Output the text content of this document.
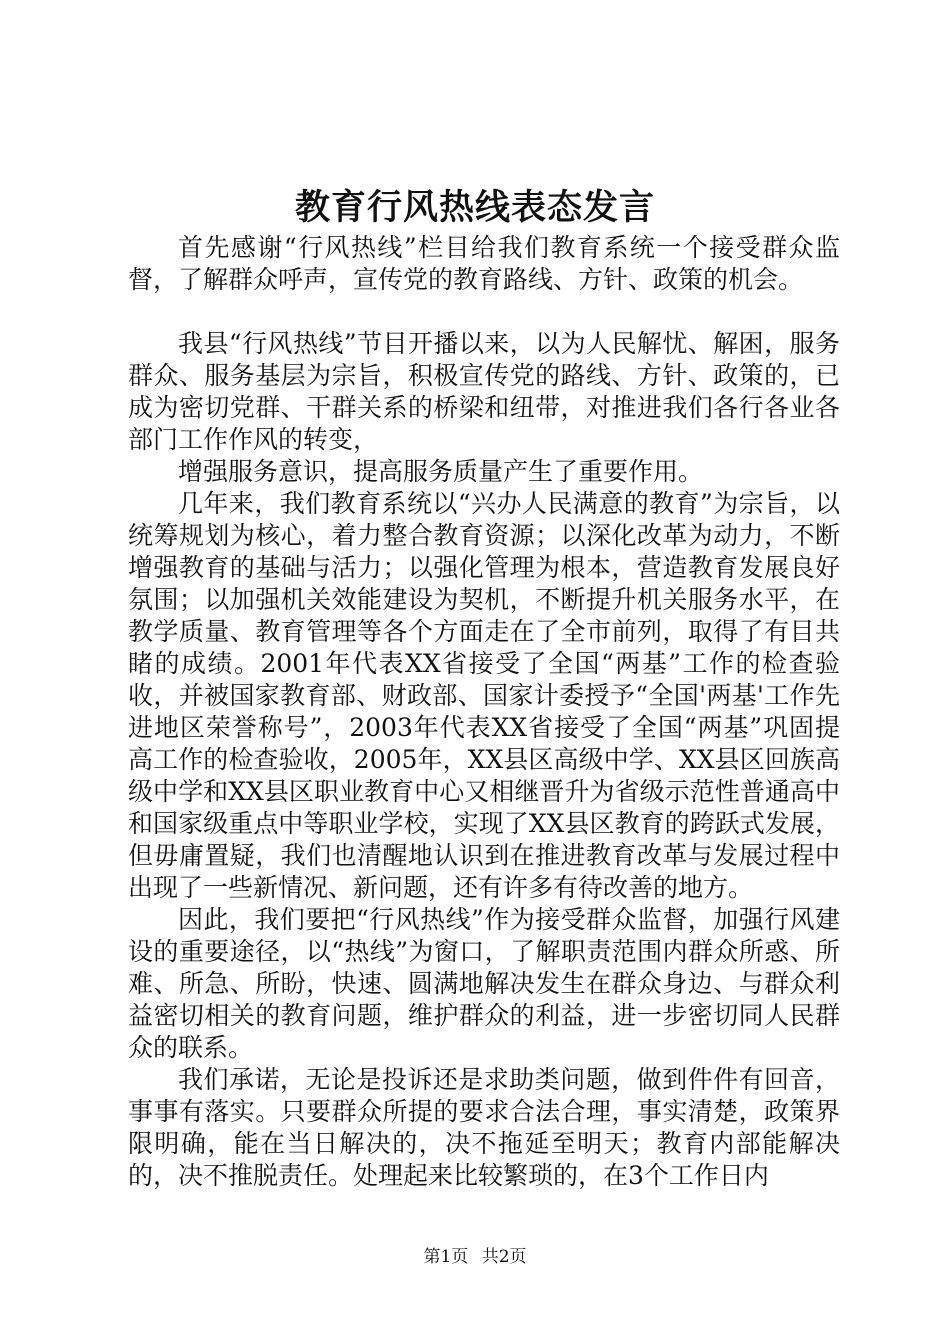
教育行风热线表态发言

首先感谢“行风热线”栏目给我们教育系统一个接受群众监督，了解群众呼声，宣传党的教育路线、方针、政策的机会。

我县“行风热线”节目开播以来，以为人民解忧、解困，服务群众、服务基层为宗旨，积极宣传党的路线、方针、政策的，已成为密切党群、干群关系的桥梁和纽带，对推进我们各行各业各部门工作作风的转变，

增强服务意识，提高服务质量产生了重要作用。

几年来，我们教育系统以“兴办人民满意的教育”为宗旨，以统筹规划为核心，着力整合教育资源；以深化改革为动力，不断增强教育的基础与活力；以强化管理为根本，营造教育发展良好氛围；以加强机关效能建设为契机，不断提升机关服务水平，在教学质量、教育管理等各个方面走在了全市前列，取得了有目共睹的成绩。2001年代表XX省接受了全国“两基”工作的检查验收，并被国家教育部、财政部、国家计委授予“全国'两基'工作先进地区荣誉称号”，2003年代表XX省接受了全国“两基”巩固提高工作的检查验收，2005年，XX县区高级中学、XX县区回族高级中学和XX县区职业教育中心又相继晋升为省级示范性普通高中和国家级重点中等职业学校，实现了XX县区教育的跨跃式发展，但毋庸置疑，我们也清醒地认识到在推进教育改革与发展过程中出现了一些新情况、新问题，还有许多有待改善的地方。

因此，我们要把“行风热线”作为接受群众监督，加强行风建设的重要途径，以“热线”为窗口，了解职责范围内群众所惑、所难、所急、所盼，快速、圆满地解决发生在群众身边、与群众利益密切相关的教育问题，维护群众的利益，进一步密切同人民群众的联系。

我们承诺，无论是投诉还是求助类问题，做到件件有回音，事事有落实。只要群众所提的要求合法合理，事实清楚，政策界限明确，能在当日解决的，决不拖延至明天；教育内部能解决的，决不推脱责任。处理起来比较繁琐的，在3个工作日内

第1页 共2页
